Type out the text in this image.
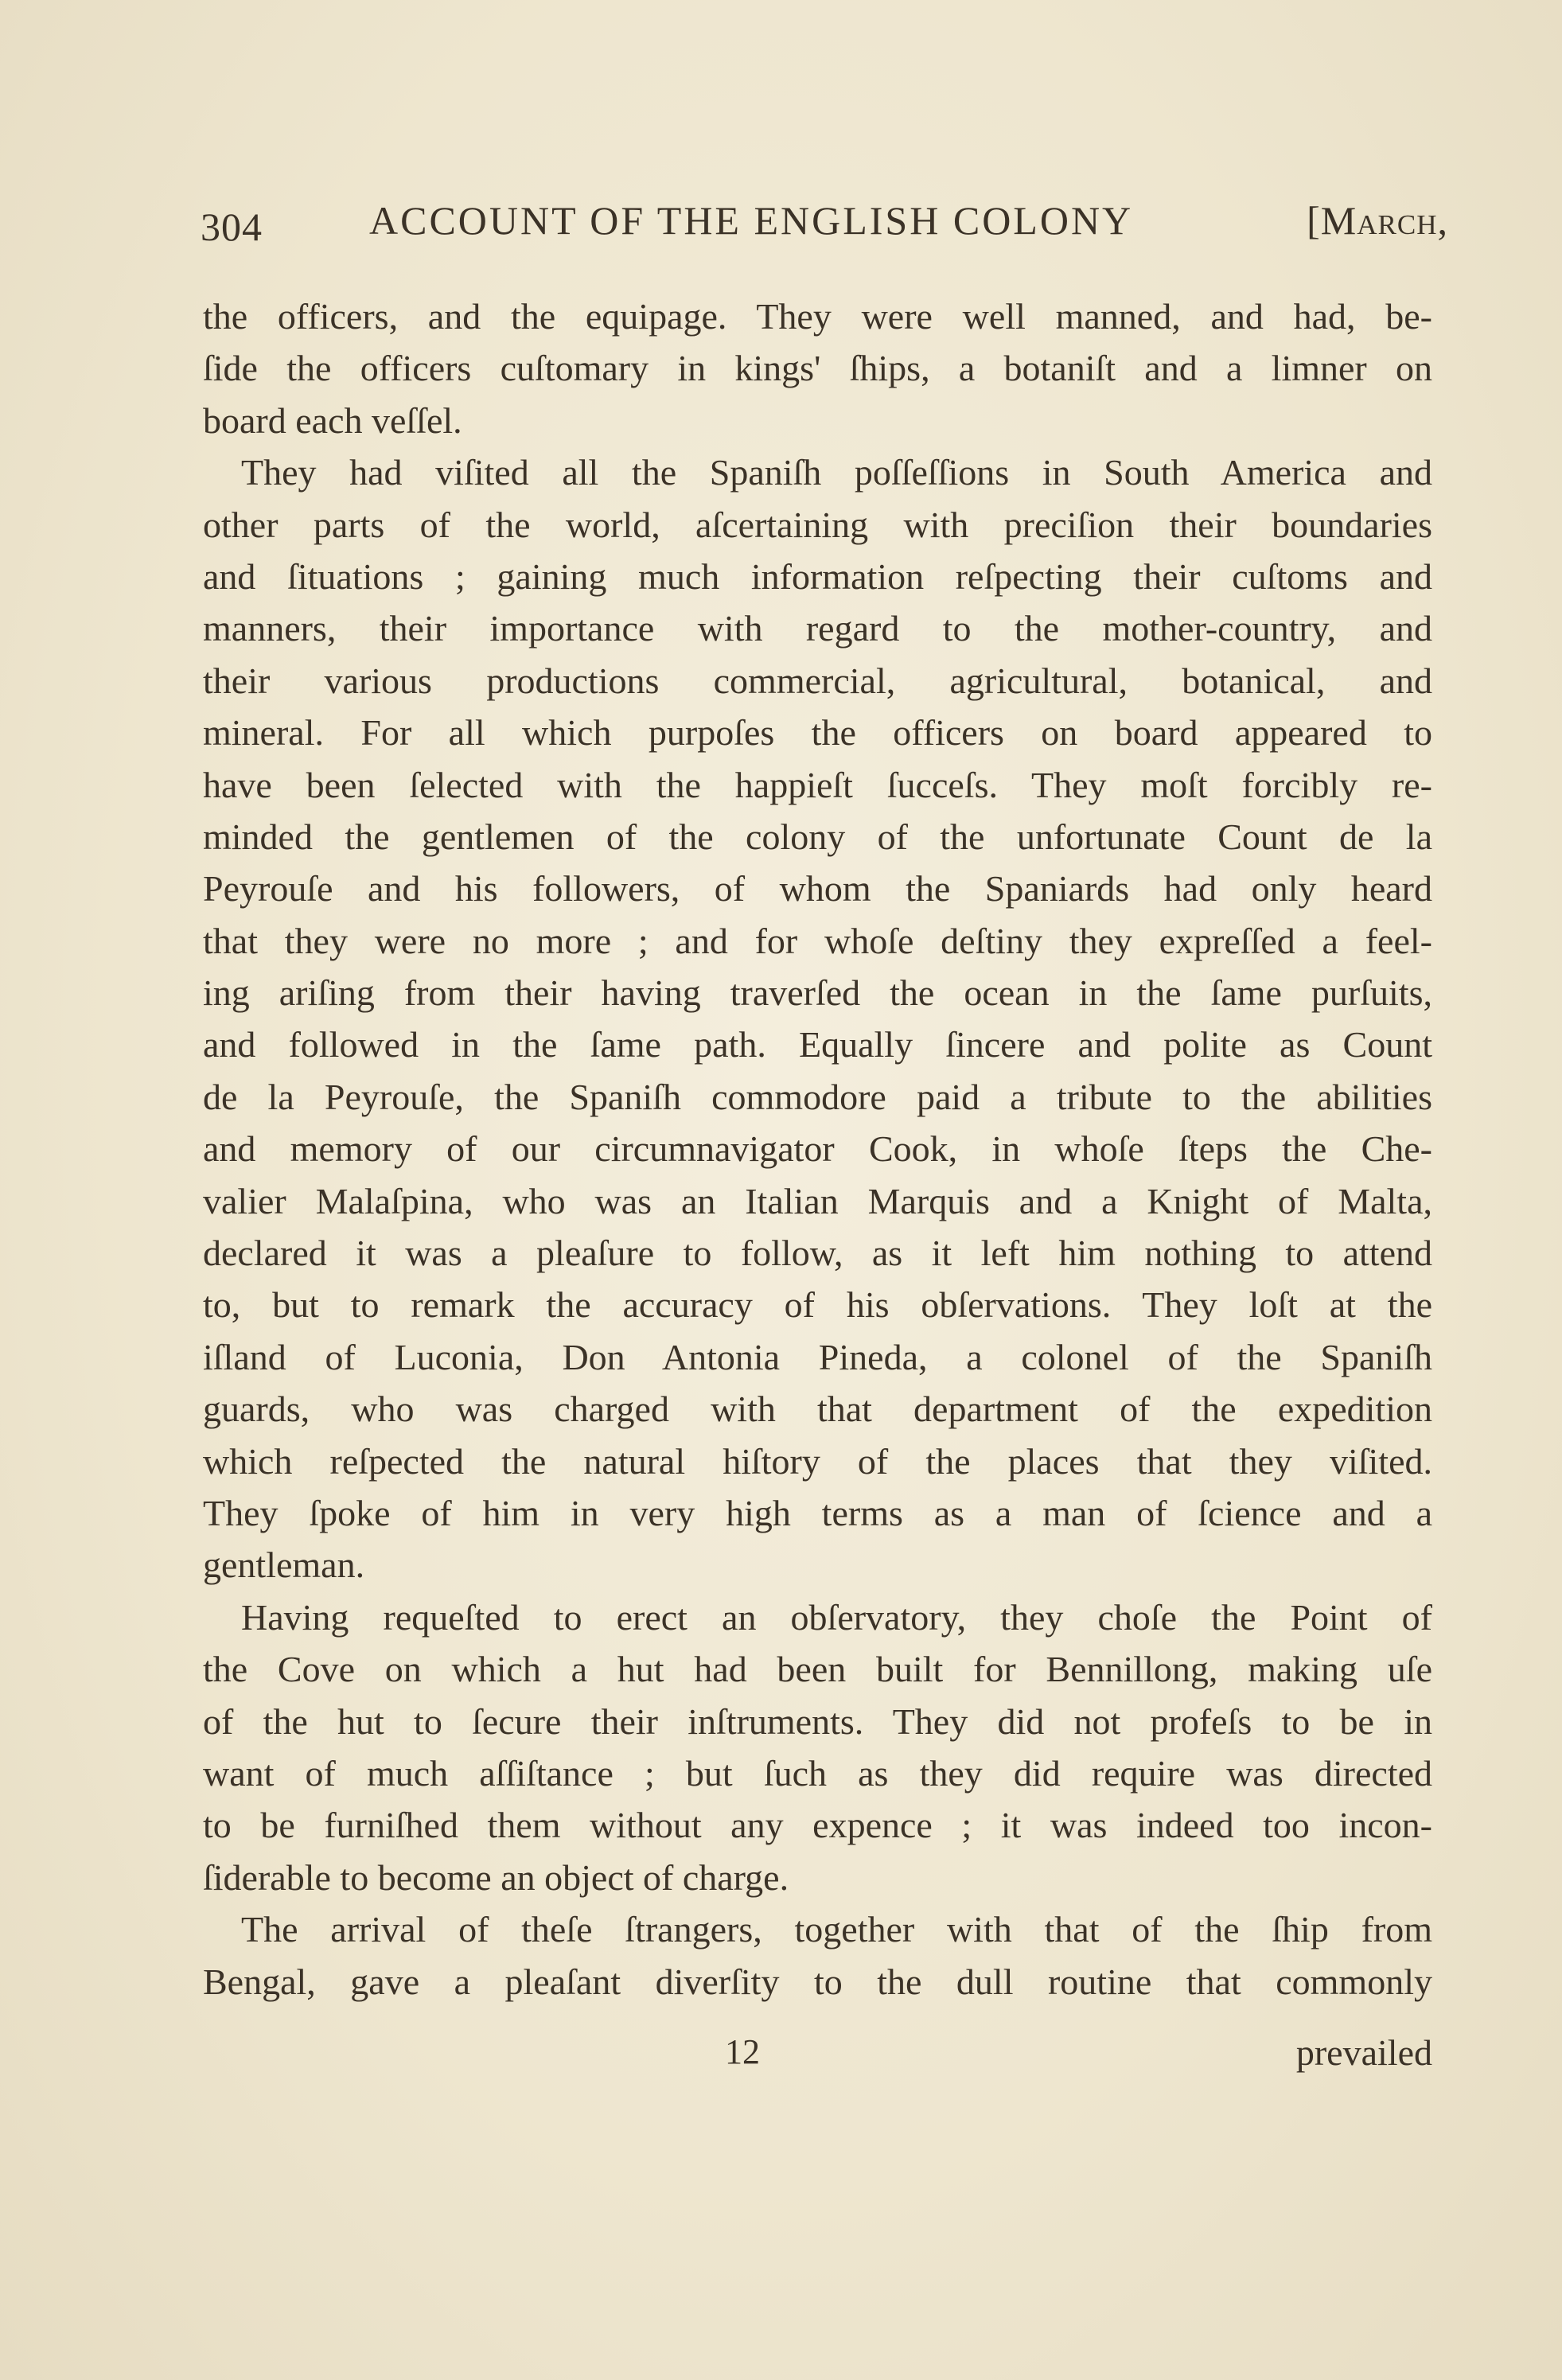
304	ACCOUNT OF THE ENGLISH COLONY	[March,
the officers, and the equipage. They were well manned, and had, be-
ſide the officers cuſtomary in kings' ſhips, a botaniſt and a limner on
board each veſſel.
They had viſited all the Spaniſh poſſeſſions in South America and
other parts of the world, aſcertaining with preciſion their boundaries
and ſituations ; gaining much information reſpecting their cuſtoms and
manners, their importance with regard to the mother-country, and
their various productions commercial, agricultural, botanical, and
mineral. For all which purpoſes the officers on board appeared to
have been ſelected with the happieſt ſucceſs. They moſt forcibly re-
minded the gentlemen of the colony of the unfortunate Count de la
Peyrouſe and his followers, of whom the Spaniards had only heard
that they were no more ; and for whoſe deſtiny they expreſſed a feel-
ing ariſing from their having traverſed the ocean in the ſame purſuits,
and followed in the ſame path. Equally ſincere and polite as Count
de la Peyrouſe, the Spaniſh commodore paid a tribute to the abilities
and memory of our circumnavigator Cook, in whoſe ſteps the Che-
valier Malaſpina, who was an Italian Marquis and a Knight of Malta,
declared it was a pleaſure to follow, as it left him nothing to attend
to, but to remark the accuracy of his obſervations. They loſt at the
iſland of Luconia, Don Antonia Pineda, a colonel of the Spaniſh
guards, who was charged with that department of the expedition
which reſpected the natural hiſtory of the places that they viſited.
They ſpoke of him in very high terms as a man of ſcience and a
gentleman.
Having requeſted to erect an obſervatory, they choſe the Point of
the Cove on which a hut had been built for Bennillong, making uſe
of the hut to ſecure their inſtruments. They did not profeſs to be in
want of much aſſiſtance ; but ſuch as they did require was directed
to be furniſhed them without any expence ; it was indeed too incon-
ſiderable to become an object of charge.
The arrival of theſe ſtrangers, together with that of the ſhip from
Bengal, gave a pleaſant diverſity to the dull routine that commonly
12	prevailed
